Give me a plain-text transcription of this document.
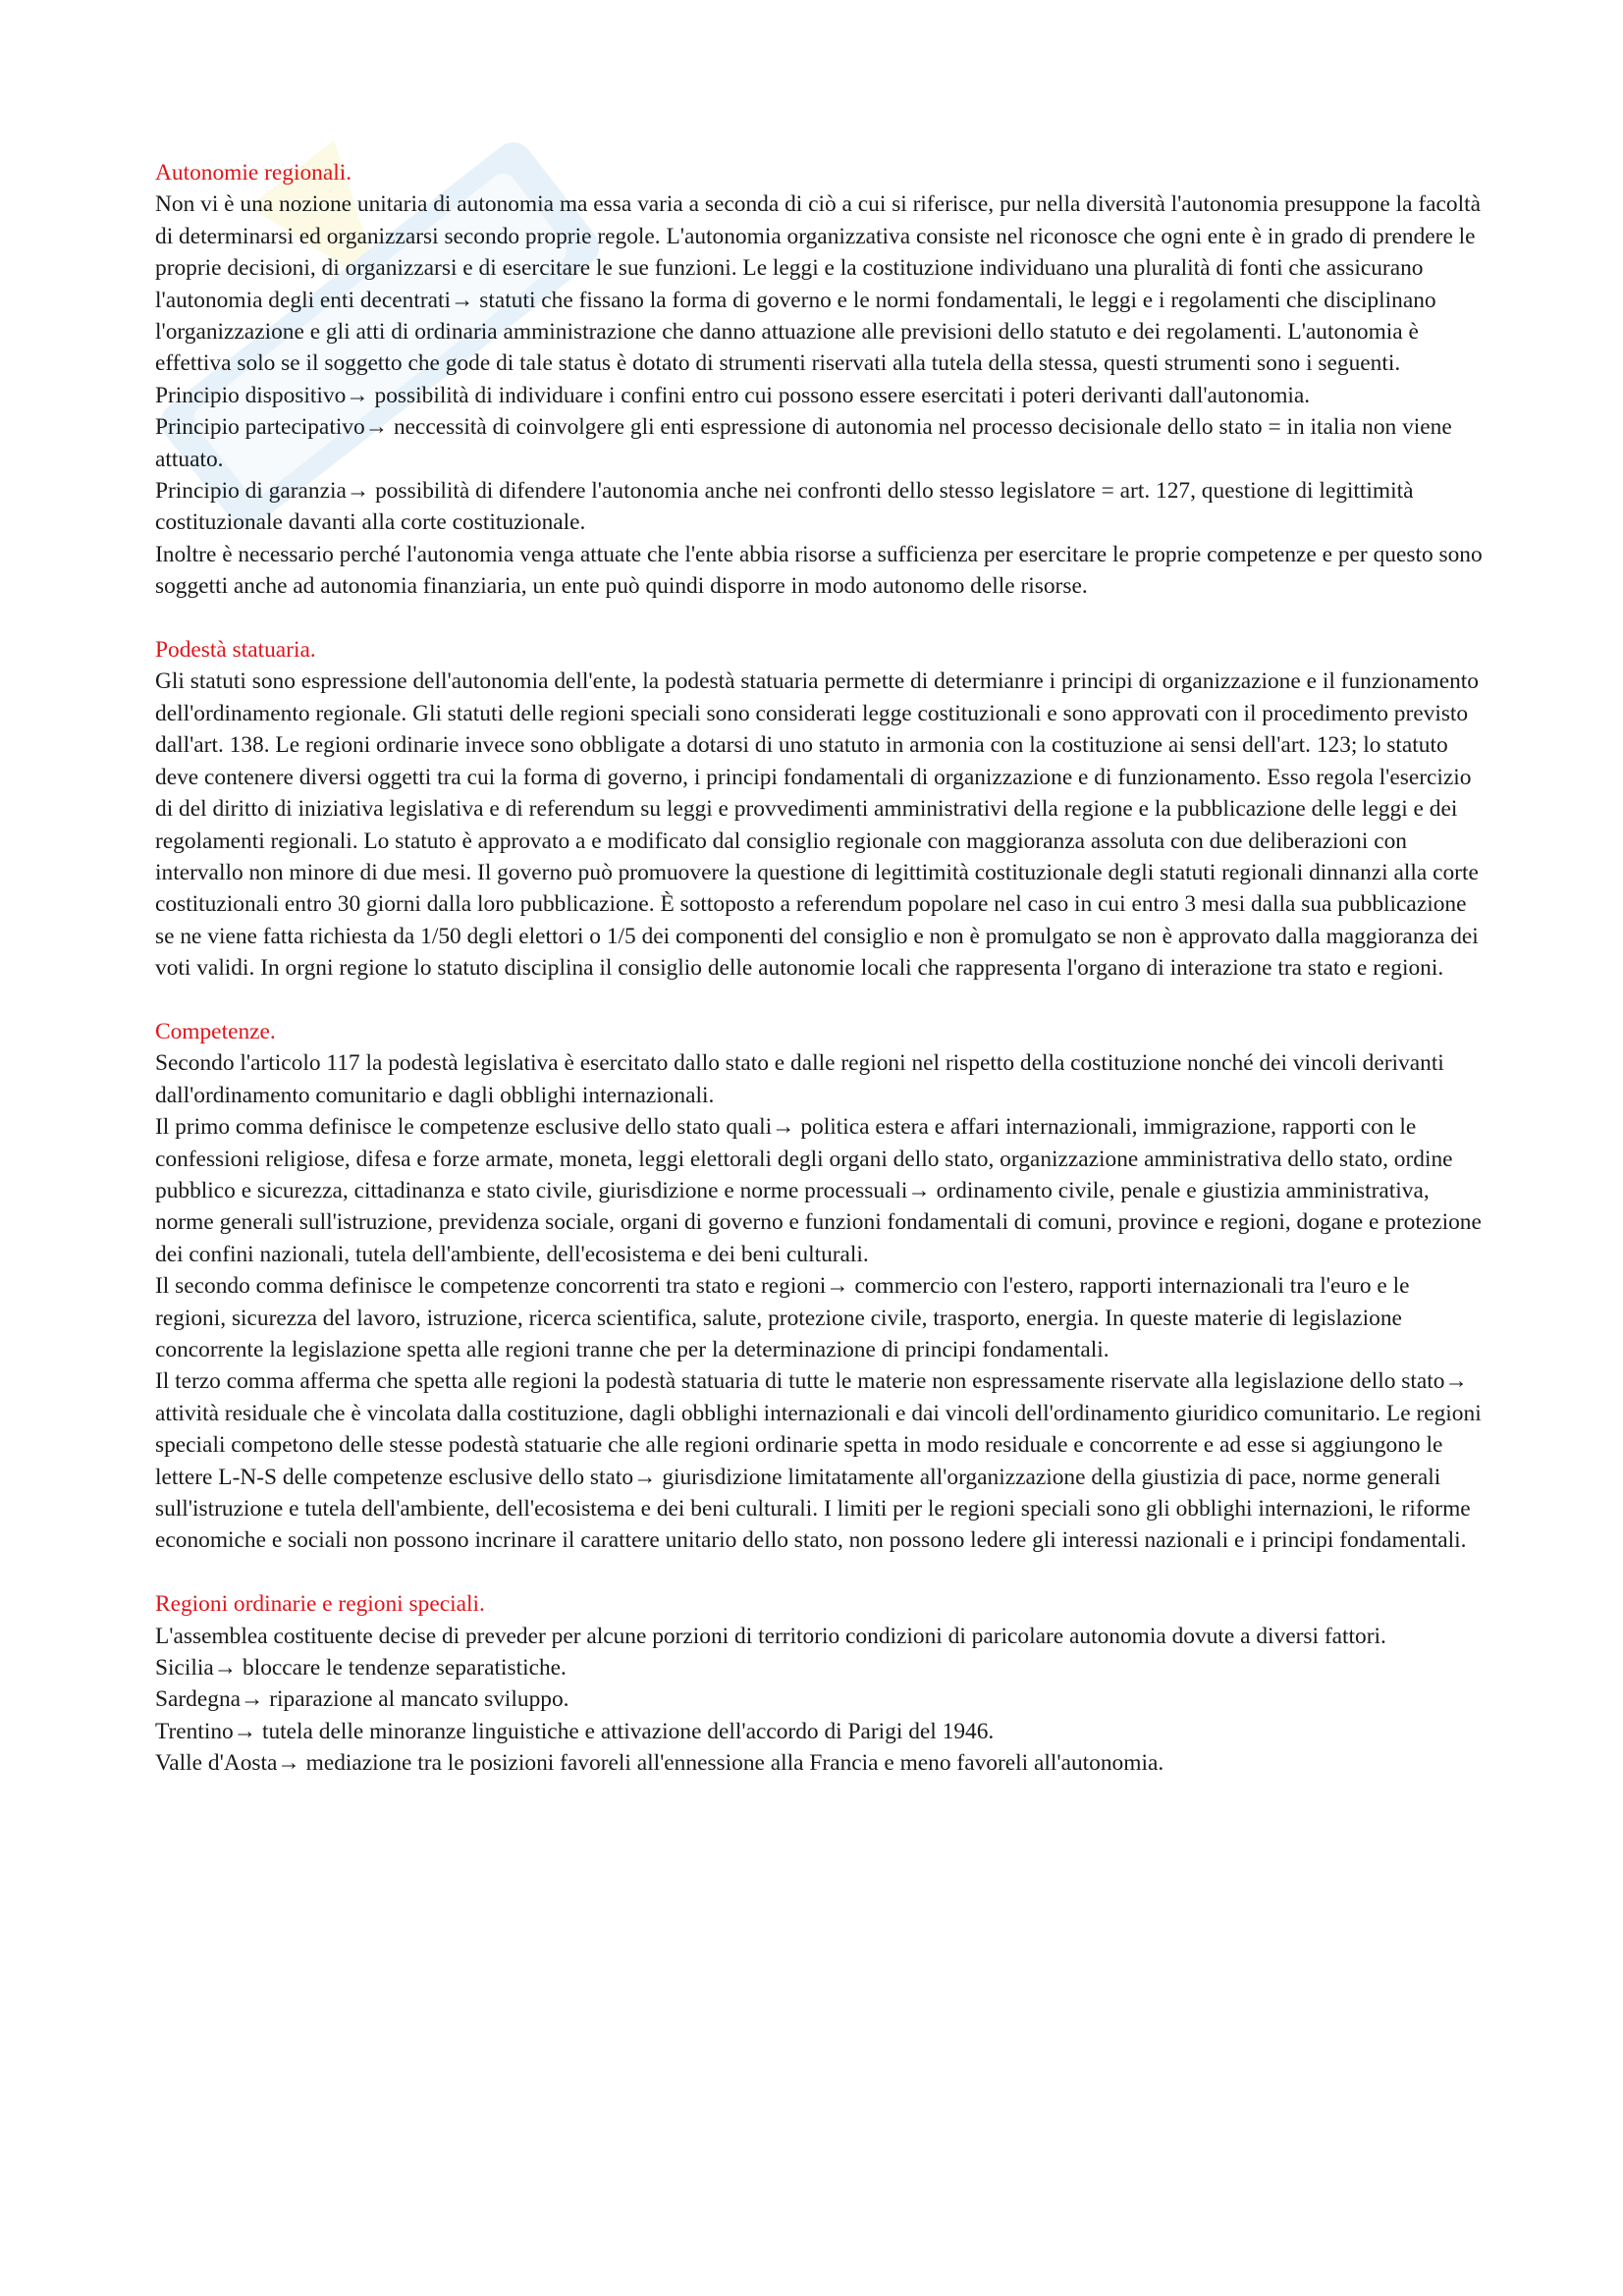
Autonomie regionali.

Non vi è una nozione unitaria di autonomia ma essa varia a seconda di ciò a cui si riferisce, pur nella diversità l'autonomia presuppone la facoltà di determinarsi ed organizzarsi secondo proprie regole. L'autonomia organizzativa consiste nel riconosce che ogni ente è in grado di prendere le proprie decisioni, di organizzarsi e di esercitare le sue funzioni. Le leggi e la costituzione individuano una pluralità di fonti che assicurano l'autonomia degli enti decentrati→ statuti che fissano la forma di governo e le normi fondamentali, le leggi e i regolamenti che disciplinano l'organizzazione e gli atti di ordinaria amministrazione che danno attuazione alle previsioni dello statuto e dei regolamenti. L'autonomia è effettiva solo se il soggetto che gode di tale status è dotato di strumenti riservati alla tutela della stessa, questi strumenti sono i seguenti.

Principio dispositivo→ possibilità di individuare i confini entro cui possono essere esercitati i poteri derivanti dall'autonomia.

Principio partecipativo→ neccessità di coinvolgere gli enti espressione di autonomia nel processo decisionale dello stato = in italia non viene attuato.

Principio di garanzia→ possibilità di difendere l'autonomia anche nei confronti dello stesso legislatore = art. 127, questione di legittimità costituzionale davanti alla corte costituzionale.

Inoltre è necessario perché l'autonomia venga attuate che l'ente abbia risorse a sufficienza per esercitare le proprie competenze e per questo sono soggetti anche ad autonomia finanziaria, un ente può quindi disporre in modo autonomo delle risorse.

Podestà statuaria.

Gli statuti sono espressione dell'autonomia dell'ente, la podestà statuaria permette di determianre i principi di organizzazione e il funzionamento dell'ordinamento regionale. Gli statuti delle regioni speciali sono considerati legge costituzionali e sono approvati con il procedimento previsto dall'art. 138. Le regioni ordinarie invece sono obbligate a dotarsi di uno statuto in armonia con la costituzione ai sensi dell'art. 123; lo statuto deve contenere diversi oggetti tra cui la forma di governo, i principi fondamentali di organizzazione e di funzionamento. Esso regola l'esercizio di del diritto di iniziativa legislativa e di referendum su leggi e provvedimenti amministrativi della regione e la pubblicazione delle leggi e dei regolamenti regionali. Lo statuto è approvato a e modificato dal consiglio regionale con maggioranza assoluta con due deliberazioni con intervallo non minore di due mesi. Il governo può promuovere la questione di legittimità costituzionale degli statuti regionali dinnanzi alla corte costituzionali entro 30 giorni dalla loro pubblicazione. È sottoposto a referendum popolare nel caso in cui entro 3 mesi dalla sua pubblicazione se ne viene fatta richiesta da 1/50 degli elettori o 1/5 dei componenti del consiglio e non è promulgato se non è approvato dalla maggioranza dei voti validi. In orgni regione lo statuto disciplina il consiglio delle autonomie locali che rappresenta l'organo di interazione tra stato e regioni.

Competenze.

Secondo l'articolo 117 la podestà legislativa è esercitato dallo stato e dalle regioni nel rispetto della costituzione nonché dei vincoli derivanti dall'ordinamento comunitario e dagli obblighi internazionali.

Il primo comma definisce le competenze esclusive dello stato quali→ politica estera e affari internazionali, immigrazione, rapporti con le confessioni religiose, difesa e forze armate, moneta, leggi elettorali degli organi dello stato, organizzazione amministrativa dello stato, ordine pubblico e sicurezza, cittadinanza e stato civile, giurisdizione e norme processuali→ ordinamento civile, penale e giustizia amministrativa, norme generali sull'istruzione, previdenza sociale, organi di governo e funzioni fondamentali di comuni, province e regioni, dogane e protezione dei confini nazionali, tutela dell'ambiente, dell'ecosistema e dei beni culturali.

Il secondo comma definisce le competenze concorrenti tra stato e regioni→ commercio con l'estero, rapporti internazionali tra l'euro e le regioni, sicurezza del lavoro, istruzione, ricerca scientifica, salute, protezione civile, trasporto, energia. In queste materie di legislazione concorrente la legislazione spetta alle regioni tranne che per la determinazione di principi fondamentali.

Il terzo comma afferma che spetta alle regioni la podestà statuaria di tutte le materie non espressamente riservate alla legislazione dello stato→ attività residuale che è vincolata dalla costituzione, dagli obblighi internazionali e dai vincoli dell'ordinamento giuridico comunitario. Le regioni speciali competono delle stesse podestà statuarie che alle regioni ordinarie spetta in modo residuale e concorrente e ad esse si aggiungono le lettere L-N-S delle competenze esclusive dello stato→ giurisdizione limitatamente all'organizzazione della giustizia di pace, norme generali sull'istruzione e tutela dell'ambiente, dell'ecosistema e dei beni culturali. I limiti per le regioni speciali sono gli obblighi internazioni, le riforme economiche e sociali non possono incrinare il carattere unitario dello stato, non possono ledere gli interessi nazionali e i principi fondamentali.

Regioni ordinarie e regioni speciali.

L'assemblea costituente decise di preveder per alcune porzioni di territorio condizioni di paricolare autonomia dovute a diversi fattori.

Sicilia→ bloccare le tendenze separatistiche.

Sardegna→ riparazione al mancato sviluppo.

Trentino→ tutela delle minoranze linguistiche e attivazione dell'accordo di Parigi del 1946.

Valle d'Aosta→ mediazione tra le posizioni favoreli all'ennessione alla Francia e meno favoreli all'autonomia.
